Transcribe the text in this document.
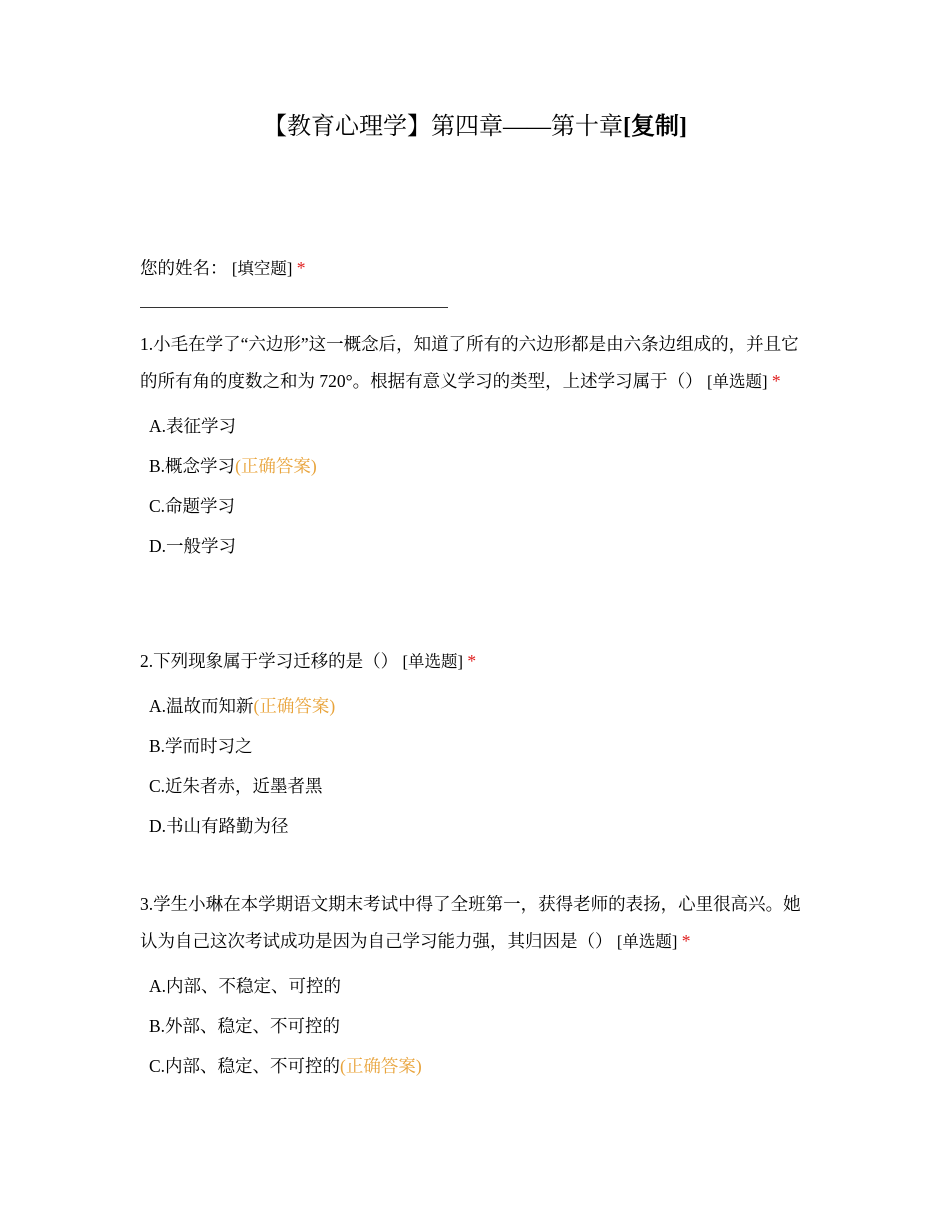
【教育心理学】第四章——第十章[复制]

您的姓名： [填空题] *

1.小毛在学了“六边形”这一概念后，知道了所有的六边形都是由六条边组成的，并且它的所有角的度数之和为 720°。根据有意义学习的类型，上述学习属于（） [单选题] *

A.表征学习
B.概念学习(正确答案)
C.命题学习
D.一般学习

2.下列现象属于学习迁移的是（） [单选题] *

A.温故而知新(正确答案)
B.学而时习之
C.近朱者赤，近墨者黑
D.书山有路勤为径

3.学生小琳在本学期语文期末考试中得了全班第一，获得老师的表扬，心里很高兴。她认为自己这次考试成功是因为自己学习能力强，其归因是（） [单选题] *

A.内部、不稳定、可控的
B.外部、稳定、不可控的
C.内部、稳定、不可控的(正确答案)
